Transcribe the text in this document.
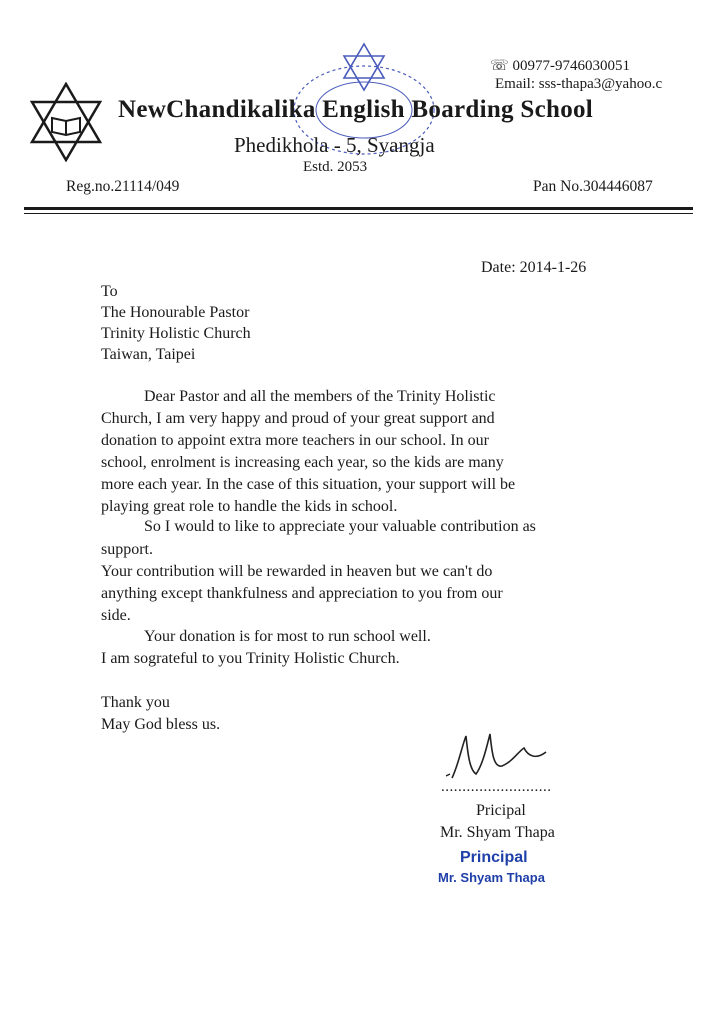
☏ 00977-9746030051
Email: sss-thapa3@yahoo.c
NewChandikalika English Boarding School
Phedikhola - 5, Syangja
Estd. 2053
Reg.no.21114/049	Pan No.304446087
Date: 2014-1-26
To
The Honourable Pastor
Trinity Holistic Church
Taiwan, Taipei
Dear Pastor and all the members of the Trinity Holistic
Church, I am very happy and proud of your great support and
donation to appoint extra more teachers in our school. In our
school, enrolment is increasing each year, so the kids are many
more each year. In the case of this situation, your support will be
playing great role to handle the kids in school.
So I would to like to appreciate your valuable contribution as
support.
Your contribution will be rewarded in heaven but we can't do
anything except thankfulness and appreciation to you from our
side.
Your donation is for most to run school well.
I am sograteful to you Trinity Holistic Church.
Thank you
May God bless us.
..........................
Pricipal
Mr. Shyam Thapa
Principal
Mr. Shyam Thapa
